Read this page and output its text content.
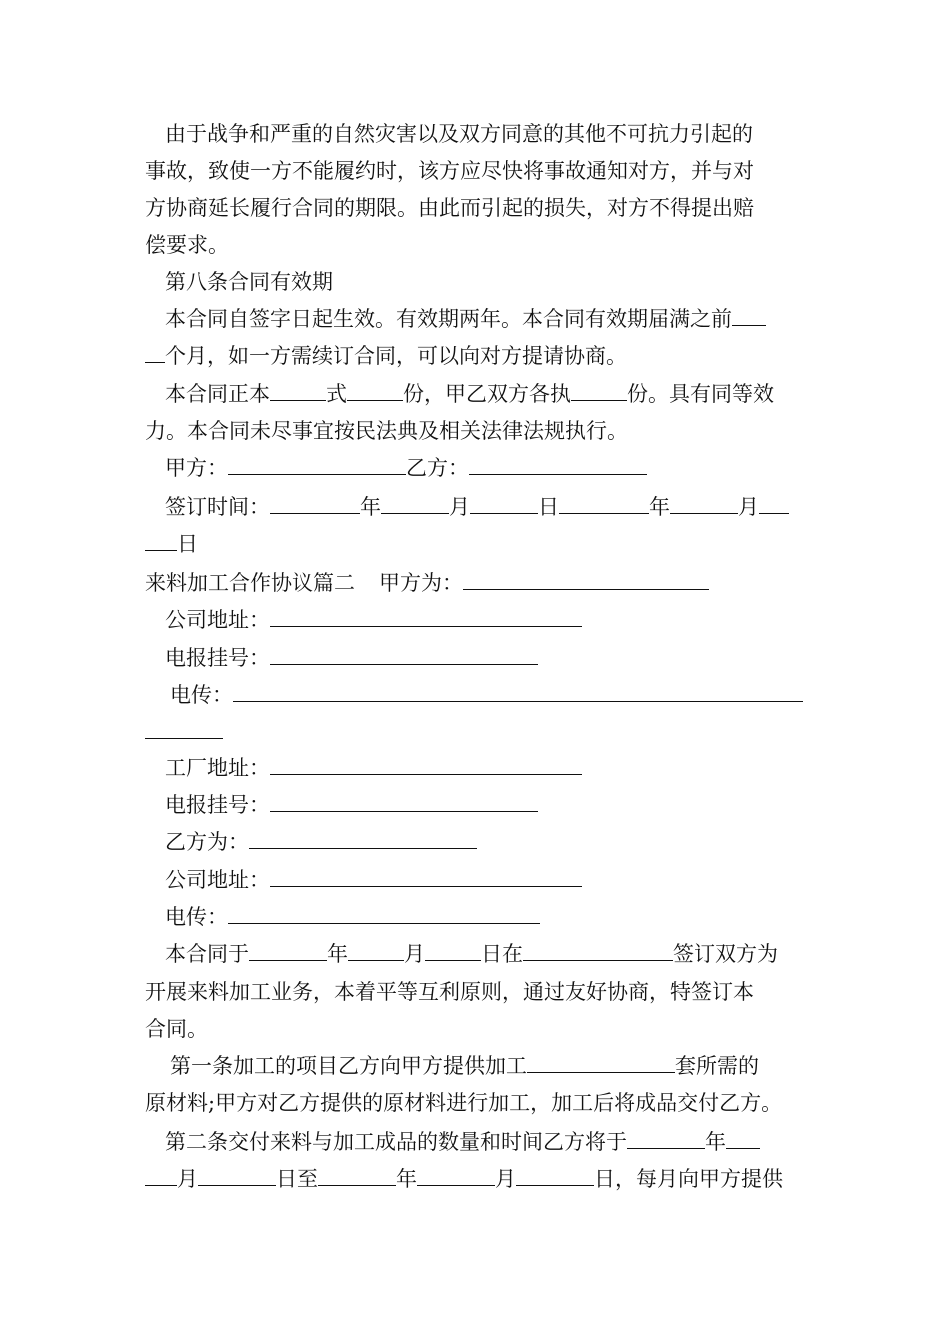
由于战争和严重的自然灾害以及双方同意的其他不可抗力引起的
事故，致使一方不能履约时，该方应尽快将事故通知对方，并与对
方协商延长履行合同的期限。由此而引起的损失，对方不得提出赔
偿要求。
第八条合同有效期
本合同自签字日起生效。有效期两年。本合同有效期届满之前
个月，如一方需续订合同，可以向对方提请协商。
本合同正本	式	份，甲乙双方各执	份。具有同等效
力。本合同未尽事宜按民法典及相关法律法规执行。
甲方：	乙方：
签订时间：	年	月	日	年	月
日
来料加工合作协议篇二 甲方为：
公司地址：
电报挂号：
电传：
工厂地址：
电报挂号：
乙方为：
公司地址：
电传：
本合同于	年	月	日在	签订双方为
开展来料加工业务，本着平等互利原则，通过友好协商，特签订本
合同。
第一条加工的项目乙方向甲方提供加工	套所需的
原材料;甲方对乙方提供的原材料进行加工，加工后将成品交付乙方。
第二条交付来料与加工成品的数量和时间乙方将于	年
月	日至	年	月	日，每月向甲方提供
